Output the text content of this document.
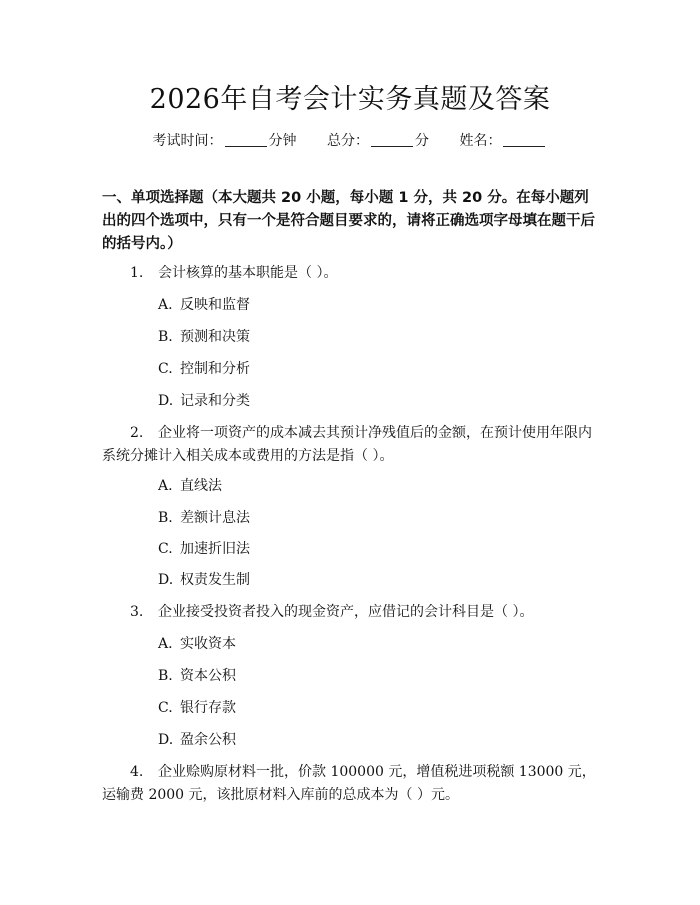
2026年自考会计实务真题及答案
考试时间：	分钟 总分：	分 姓名：
一、单项选择题（本大题共 20 小题，每小题 1 分，共 20 分。在每小题列出的四个选项中，只有一个是符合题目要求的，请将正确选项字母填在题干后的括号内。）
1. 会计核算的基本职能是（ ）。
A. 反映和监督
B. 预测和决策
C. 控制和分析
D. 记录和分类
2. 企业将一项资产的成本减去其预计净残值后的金额，在预计使用年限内系统分摊计入相关成本或费用的方法是指（ ）。
A. 直线法
B. 差额计息法
C. 加速折旧法
D. 权责发生制
3. 企业接受投资者投入的现金资产，应借记的会计科目是（ ）。
A. 实收资本
B. 资本公积
C. 银行存款
D. 盈余公积
4. 企业赊购原材料一批，价款 100000 元，增值税进项税额 13000 元，运输费 2000 元，该批原材料入库前的总成本为（ ）元。
